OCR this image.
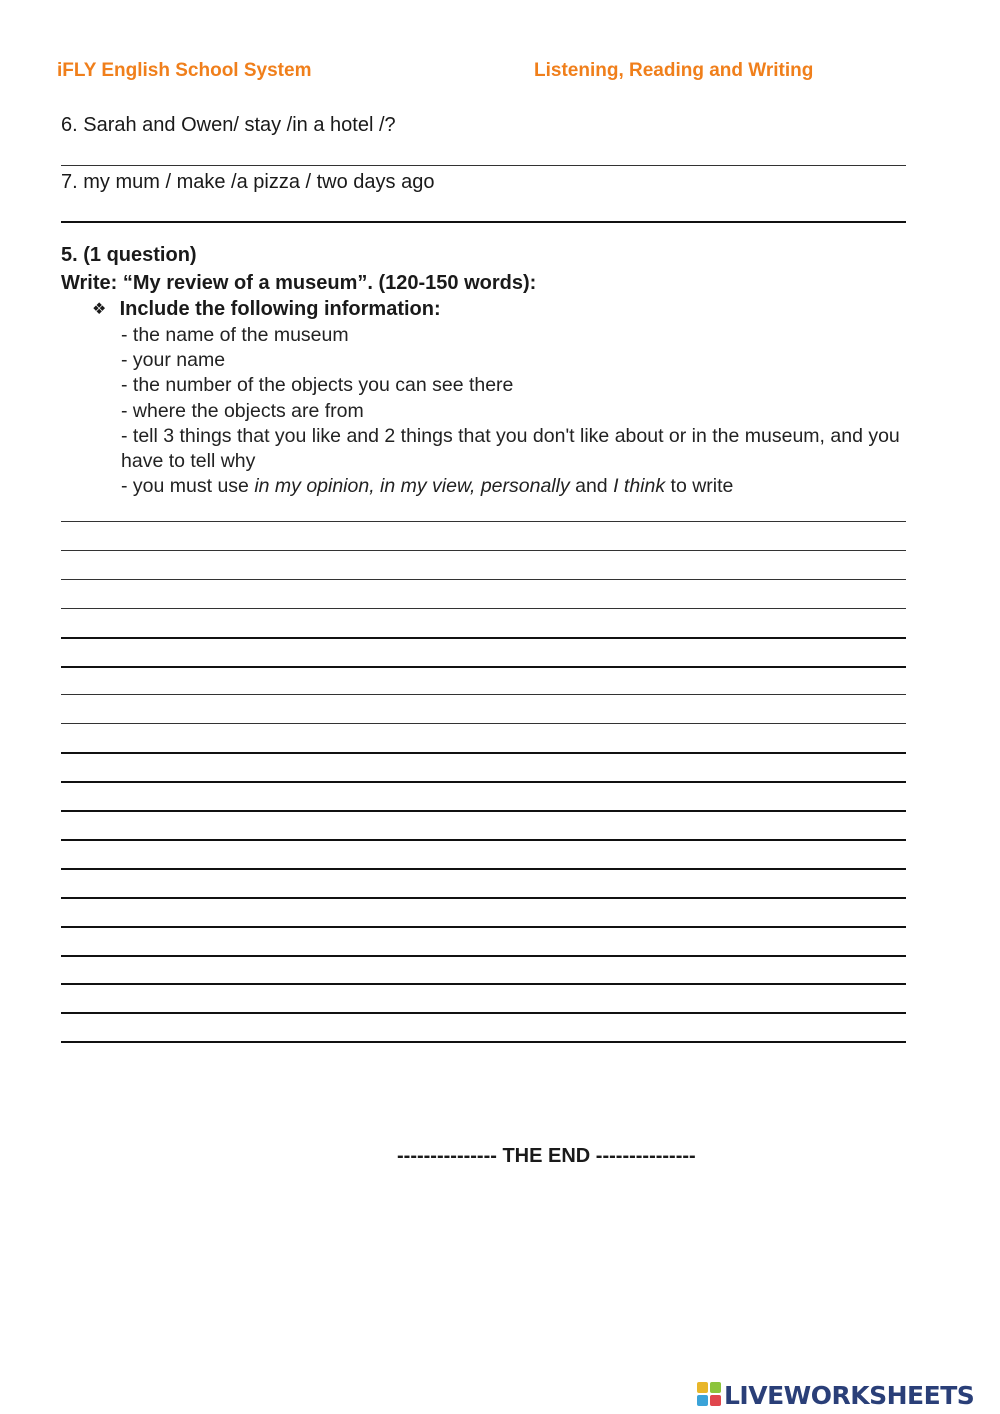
iFLY English School System	Listening, Reading and Writing
6. Sarah and Owen/ stay /in a hotel /?
7. my mum / make /a pizza / two days ago
5. (1 question)
Write: “My review of a museum”. (120-150 words):
❖ Include the following information:
- the name of the museum
- your name
- the number of the objects you can see there
- where the objects are from
- tell 3 things that you like and 2 things that you don't like about or in the museum, and you have to tell why
- you must use in my opinion, in my view, personally and I think to write
--------------- THE END ---------------
LIVEWORKSHEETS
